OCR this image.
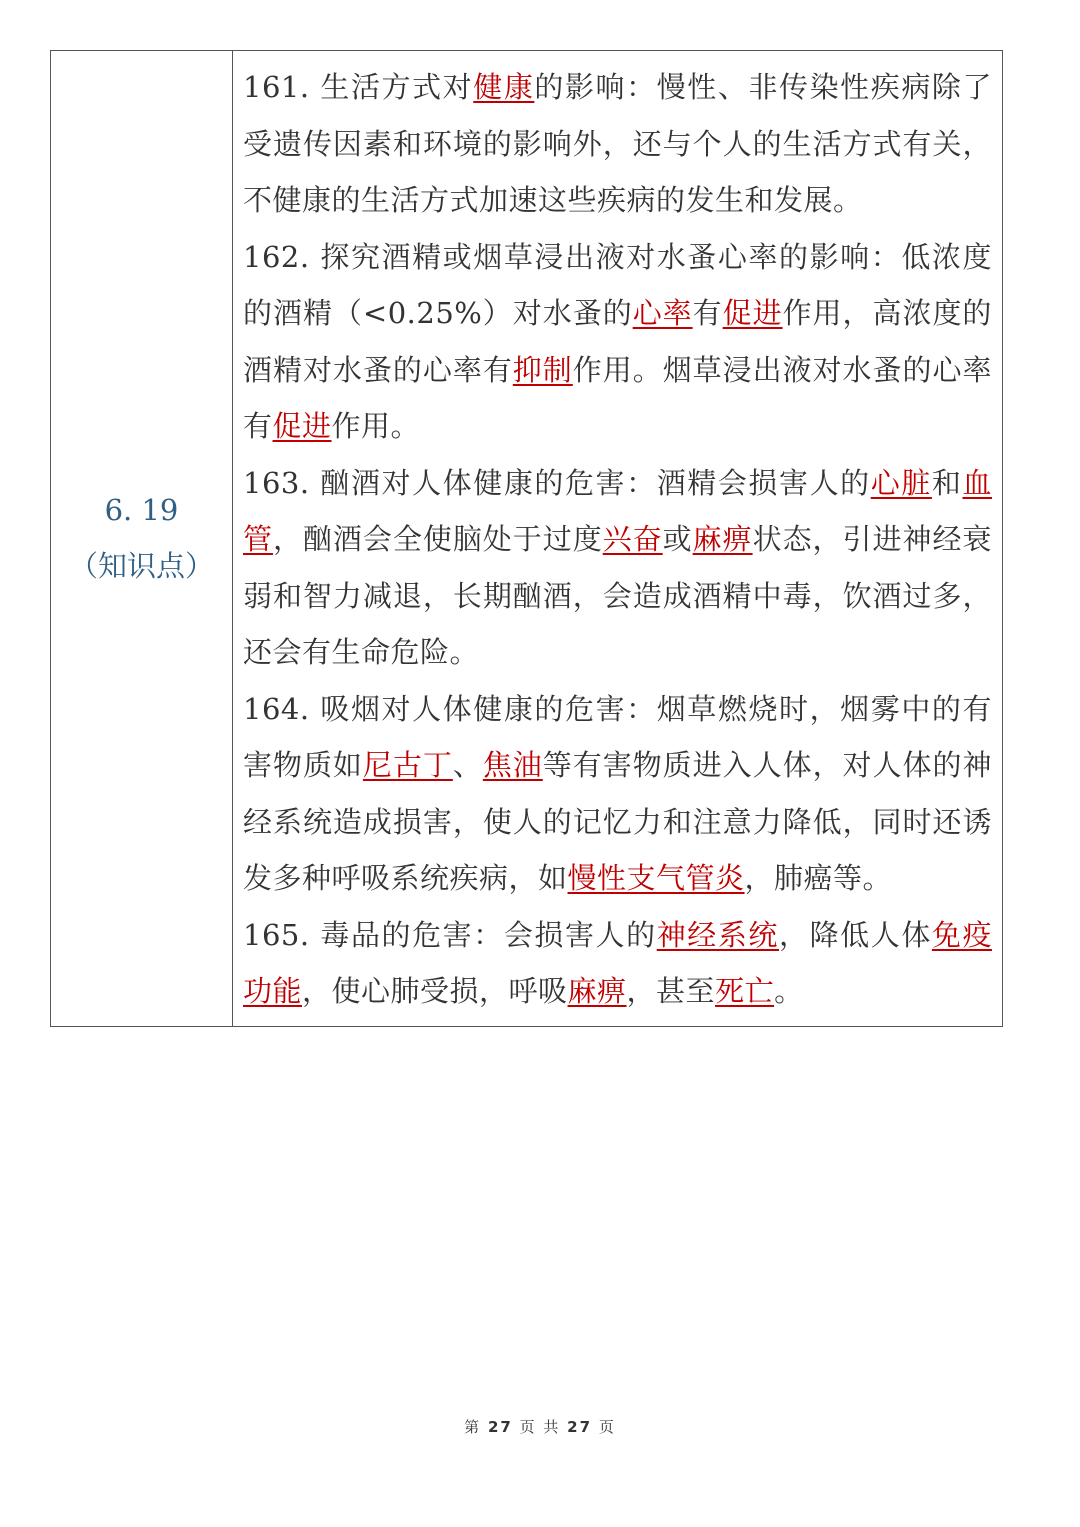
6. 19
（知识点）

161. 生活方式对健康的影响：慢性、非传染性疾病除了受遗传因素和环境的影响外，还与个人的生活方式有关，不健康的生活方式加速这些疾病的发生和发展。

162. 探究酒精或烟草浸出液对水蚤心率的影响：低浓度的酒精（<0.25%）对水蚤的心率有促进作用，高浓度的酒精对水蚤的心率有抑制作用。烟草浸出液对水蚤的心率有促进作用。

163. 酗酒对人体健康的危害：酒精会损害人的心脏和血管，酗酒会全使脑处于过度兴奋或麻痹状态，引进神经衰弱和智力减退，长期酗酒，会造成酒精中毒，饮酒过多，还会有生命危险。

164. 吸烟对人体健康的危害：烟草燃烧时，烟雾中的有害物质如尼古丁、焦油等有害物质进入人体，对人体的神经系统造成损害，使人的记忆力和注意力降低，同时还诱发多种呼吸系统疾病，如慢性支气管炎，肺癌等。

165. 毒品的危害：会损害人的神经系统，降低人体免疫功能，使心肺受损，呼吸麻痹，甚至死亡。

第 27 页 共 27 页
